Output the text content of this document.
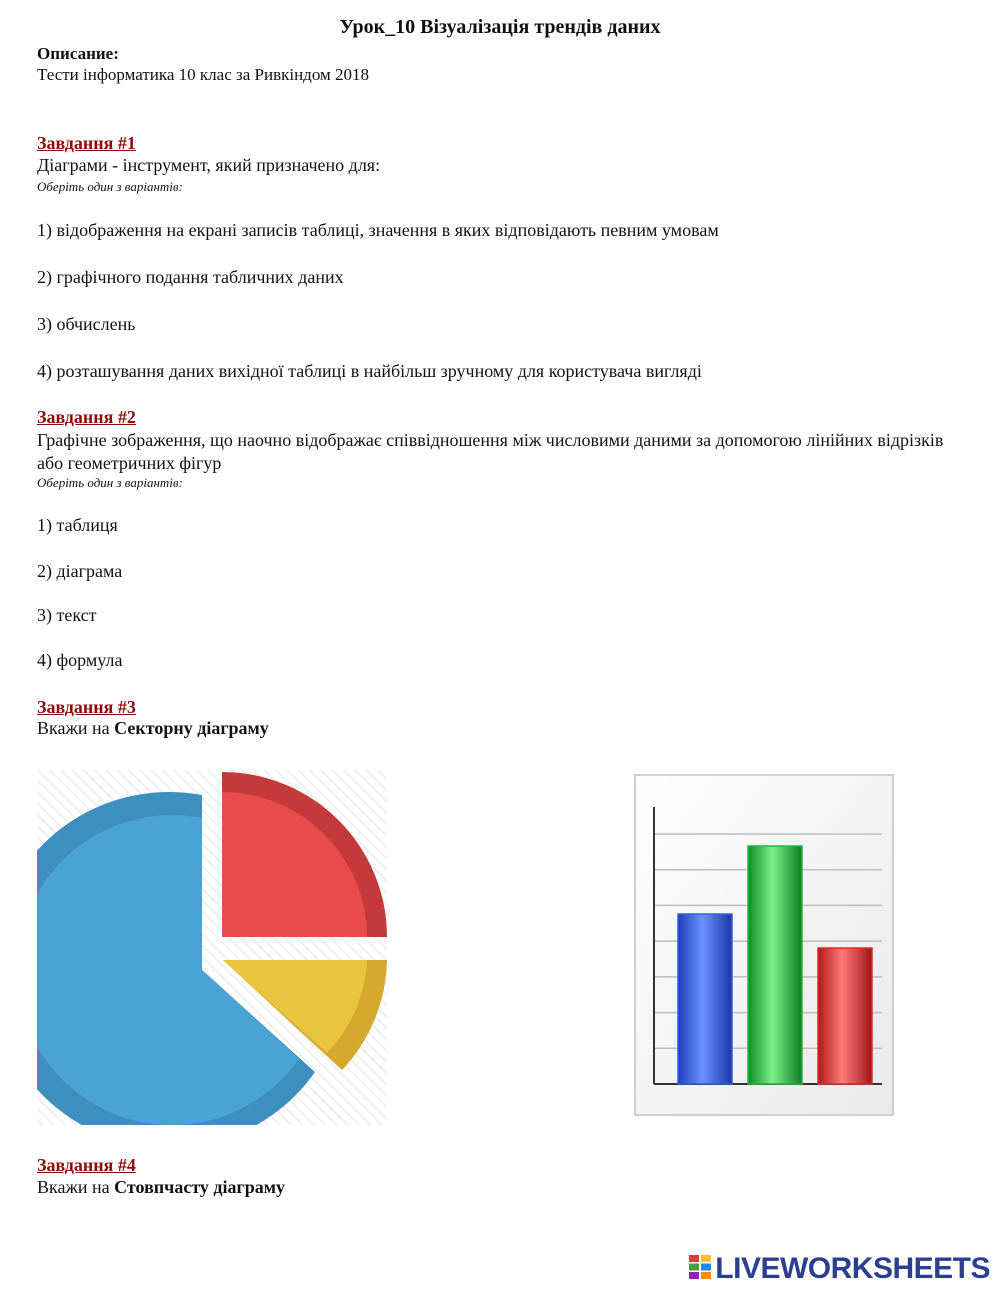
Урок_10 Візуалізація трендів даних
Описание:
Тести інформатика 10 клас за Ривкіндом 2018
Завдання #1
Діаграми - інструмент, який призначено для:
Оберіть один з варіантів:
1) відображення на екрані записів таблиці, значення в яких відповідають певним умовам
2) графічного подання табличних даних
3) обчислень
4) розташування даних вихідної таблиці в найбільш зручному для користувача вигляді
Завдання #2
Графічне зображення, що наочно відображає співвідношення між числовими даними за допомогою лінійних відрізків або геометричних фігур
Оберіть один з варіантів:
1) таблиця
2) діаграма
3) текст
4) формула
Завдання #3
Вкажи на Секторну діаграму
Завдання #4
Вкажи на Стовпчасту діаграму
LIVEWORKSHEETS
